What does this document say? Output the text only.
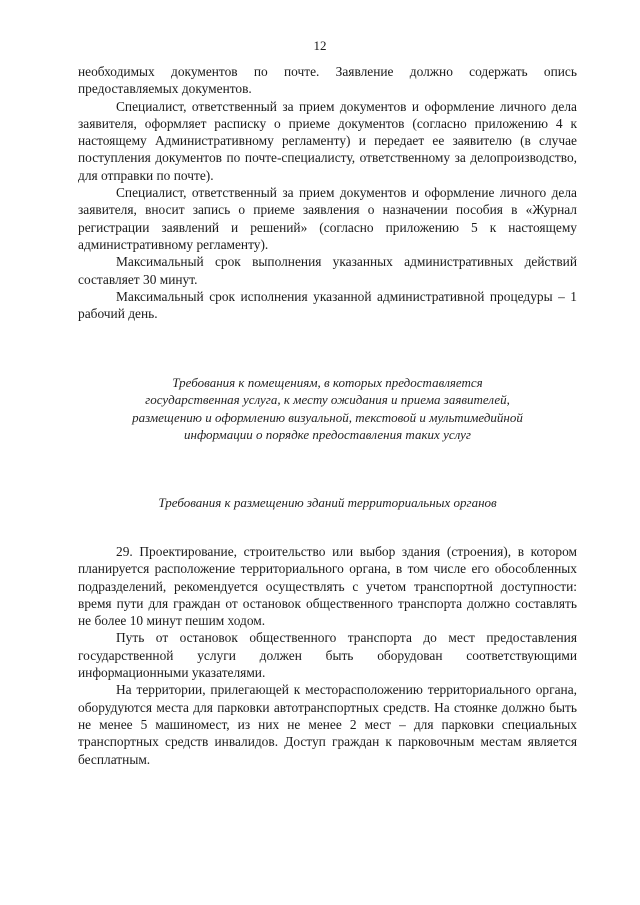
12

необходимых документов по почте. Заявление должно содержать опись предоставляемых документов.

Специалист, ответственный за прием документов и оформление личного дела заявителя, оформляет расписку о приеме документов (согласно приложению 4 к настоящему Административному регламенту) и передает ее заявителю (в случае поступления документов по почте-специалисту, ответственному за делопроизводство, для отправки по почте).

Специалист, ответственный за прием документов и оформление личного дела заявителя, вносит запись о приеме заявления о назначении пособия в «Журнал регистрации заявлений и решений» (согласно приложению 5 к настоящему административному регламенту).

Максимальный срок выполнения указанных административных действий составляет 30 минут.

Максимальный срок исполнения указанной административной процедуры – 1 рабочий день.

Требования к помещениям, в которых предоставляется
государственная услуга, к месту ожидания и приема заявителей,
размещению и оформлению визуальной, текстовой и мультимедийной
информации о порядке предоставления таких услуг
Требования к размещению зданий территориальных органов

29. Проектирование, строительство или выбор здания (строения), в котором планируется расположение территориального органа, в том числе его обособленных подразделений, рекомендуется осуществлять с учетом транспортной доступности: время пути для граждан от остановок общественного транспорта должно составлять не более 10 минут пешим ходом.

Путь от остановок общественного транспорта до мест предоставления государственной услуги должен быть оборудован соответствующими информационными указателями.

На территории, прилегающей к месторасположению территориального органа, оборудуются места для парковки автотранспортных средств. На стоянке должно быть не менее 5 машиномест, из них не менее 2 мест – для парковки специальных транспортных средств инвалидов. Доступ граждан к парковочным местам является бесплатным.
